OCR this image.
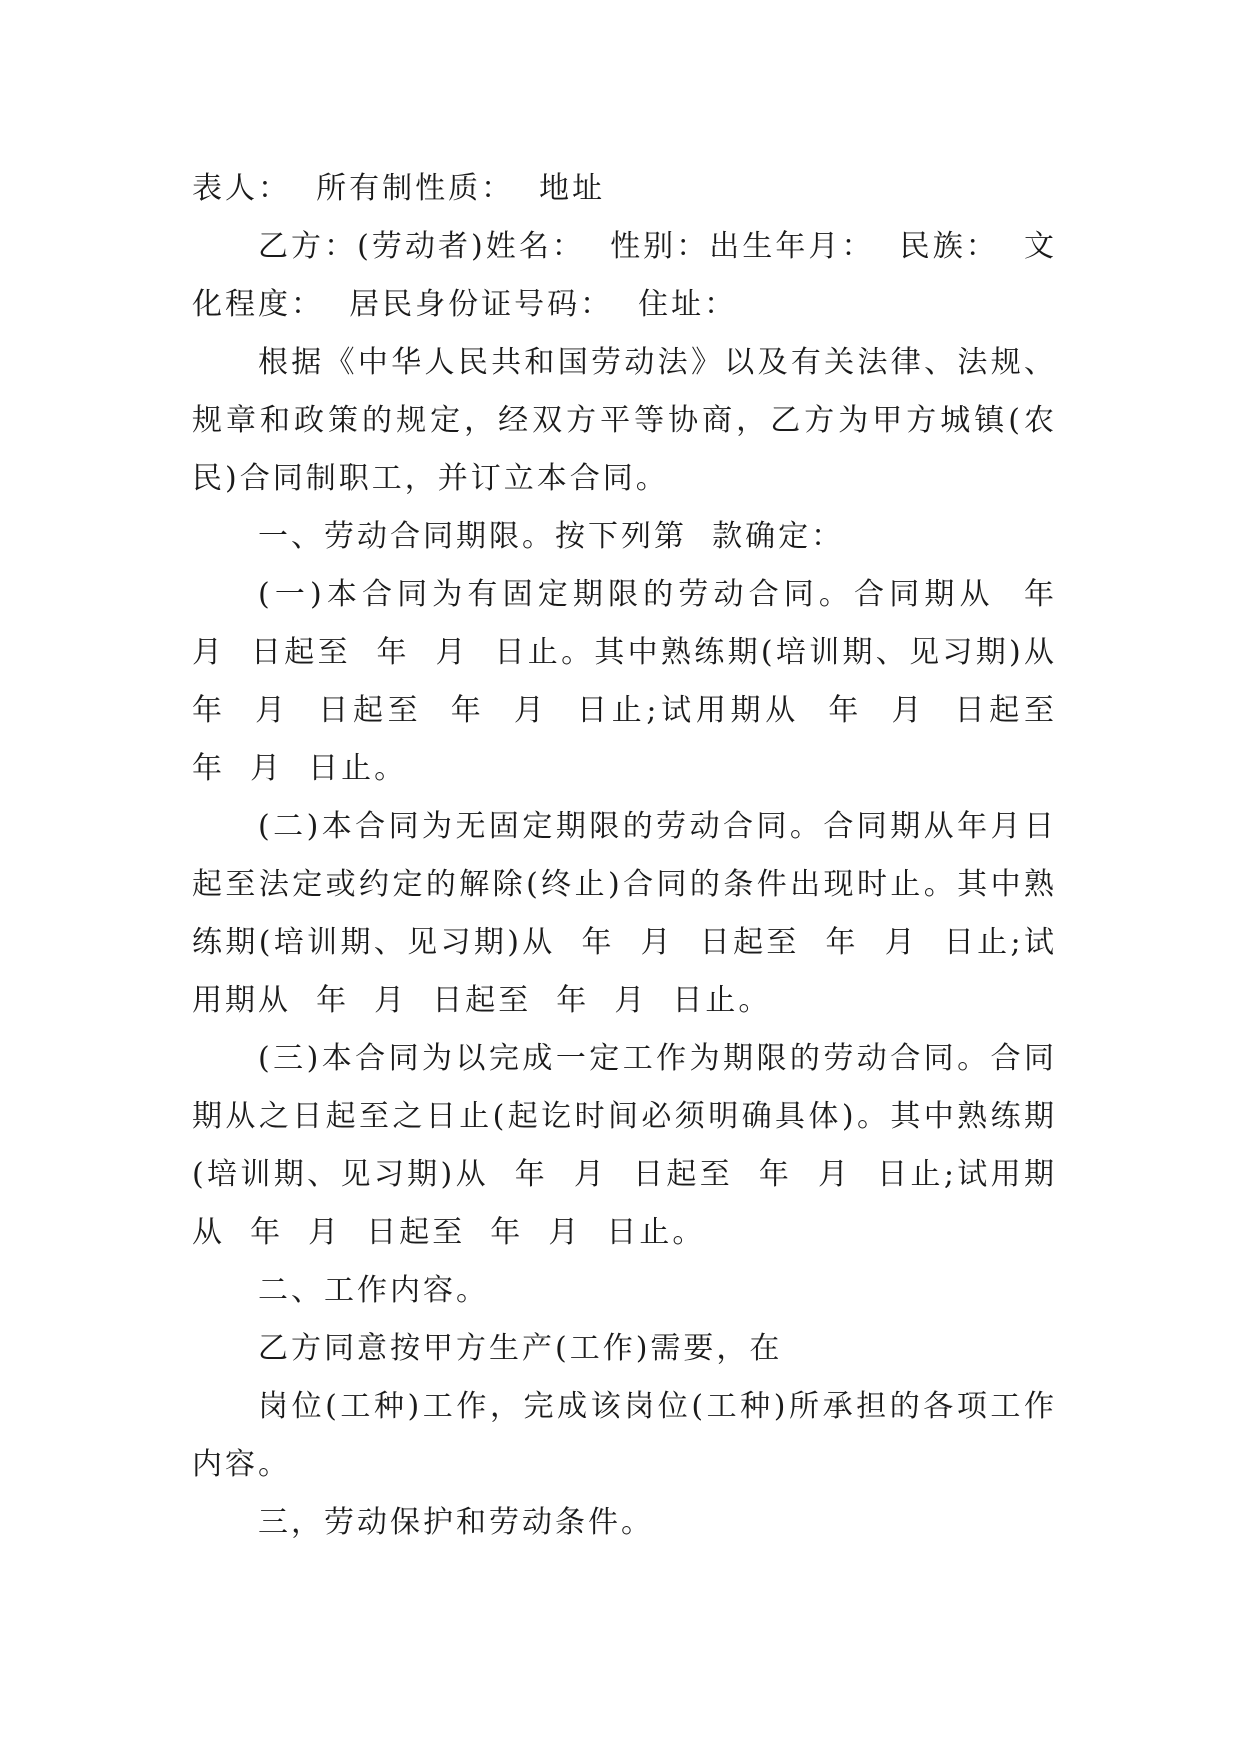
表人：  所有制性质：  地址

乙方：(劳动者)姓名：  性别：出生年月：  民族：  文化程度：  居民身份证号码：  住址：

根据《中华人民共和国劳动法》以及有关法律、法规、规章和政策的规定，经双方平等协商，乙方为甲方城镇(农民)合同制职工，并订立本合同。

一、劳动合同期限。按下列第  款确定：

(一)本合同为有固定期限的劳动合同。合同期从  年  月  日起至  年  月  日止。其中熟练期(培训期、见习期)从  年  月  日起至  年  月  日止;试用期从  年  月  日起至  年  月  日止。

(二)本合同为无固定期限的劳动合同。合同期从年月日起至法定或约定的解除(终止)合同的条件出现时止。其中熟练期(培训期、见习期)从  年  月  日起至  年  月  日止;试用期从  年  月  日起至  年  月  日止。

(三)本合同为以完成一定工作为期限的劳动合同。合同期从之日起至之日止(起讫时间必须明确具体)。其中熟练期(培训期、见习期)从  年  月  日起至  年  月  日止;试用期从  年  月  日起至  年  月  日止。

二、工作内容。

乙方同意按甲方生产(工作)需要，在

岗位(工种)工作，完成该岗位(工种)所承担的各项工作内容。

三，劳动保护和劳动条件。
